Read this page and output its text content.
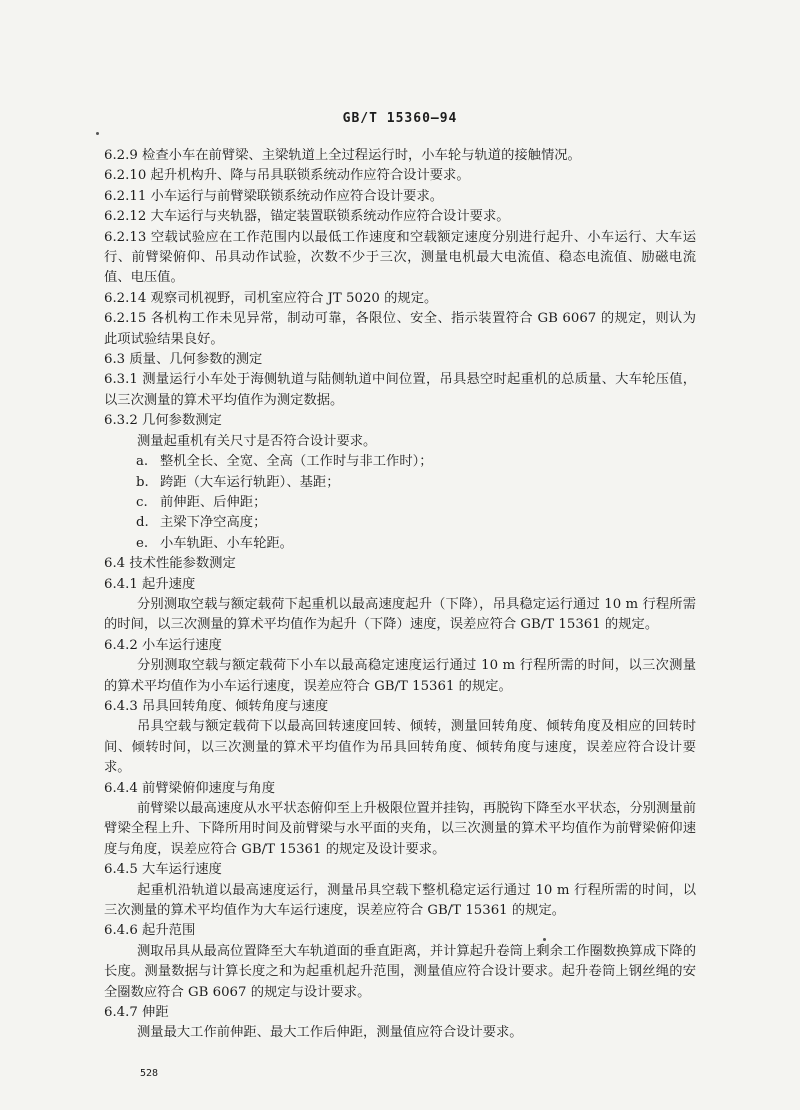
GB/T 15360—94

6.2.9 检查小车在前臂梁、主梁轨道上全过程运行时，小车轮与轨道的接触情况。

6.2.10 起升机构升、降与吊具联锁系统动作应符合设计要求。

6.2.11 小车运行与前臂梁联锁系统动作应符合设计要求。

6.2.12 大车运行与夹轨器，锚定装置联锁系统动作应符合设计要求。

6.2.13 空载试验应在工作范围内以最低工作速度和空载额定速度分别进行起升、小车运行、大车运行、前臂梁俯仰、吊具动作试验，次数不少于三次，测量电机最大电流值、稳态电流值、励磁电流值、电压值。

6.2.14 观察司机视野，司机室应符合 JT 5020 的规定。

6.2.15 各机构工作未见异常，制动可靠，各限位、安全、指示装置符合 GB 6067 的规定，则认为此项试验结果良好。

6.3 质量、几何参数的测定

6.3.1 测量运行小车处于海侧轨道与陆侧轨道中间位置，吊具悬空时起重机的总质量、大车轮压值，以三次测量的算术平均值作为测定数据。

6.3.2 几何参数测定

测量起重机有关尺寸是否符合设计要求。

a. 整机全长、全宽、全高（工作时与非工作时）；

b. 跨距（大车运行轨距）、基距；

c. 前伸距、后伸距；

d. 主梁下净空高度；

e. 小车轨距、小车轮距。

6.4 技术性能参数测定

6.4.1 起升速度

分别测取空载与额定载荷下起重机以最高速度起升（下降），吊具稳定运行通过 10 m 行程所需的时间，以三次测量的算术平均值作为起升（下降）速度，误差应符合 GB/T 15361 的规定。

6.4.2 小车运行速度

分别测取空载与额定载荷下小车以最高稳定速度运行通过 10 m 行程所需的时间，以三次测量的算术平均值作为小车运行速度，误差应符合 GB/T 15361 的规定。

6.4.3 吊具回转角度、倾转角度与速度

吊具空载与额定载荷下以最高回转速度回转、倾转，测量回转角度、倾转角度及相应的回转时间、倾转时间，以三次测量的算术平均值作为吊具回转角度、倾转角度与速度，误差应符合设计要求。

6.4.4 前臂梁俯仰速度与角度

前臂梁以最高速度从水平状态俯仰至上升极限位置并挂钩，再脱钩下降至水平状态，分别测量前臂梁全程上升、下降所用时间及前臂梁与水平面的夹角，以三次测量的算术平均值作为前臂梁俯仰速度与角度，误差应符合 GB/T 15361 的规定及设计要求。

6.4.5 大车运行速度

起重机沿轨道以最高速度运行，测量吊具空载下整机稳定运行通过 10 m 行程所需的时间，以三次测量的算术平均值作为大车运行速度，误差应符合 GB/T 15361 的规定。

6.4.6 起升范围

测取吊具从最高位置降至大车轨道面的垂直距离，并计算起升卷筒上剩余工作圈数换算成下降的长度。测量数据与计算长度之和为起重机起升范围，测量值应符合设计要求。起升卷筒上钢丝绳的安全圈数应符合 GB 6067 的规定与设计要求。

6.4.7 伸距

测量最大工作前伸距、最大工作后伸距，测量值应符合设计要求。

528
